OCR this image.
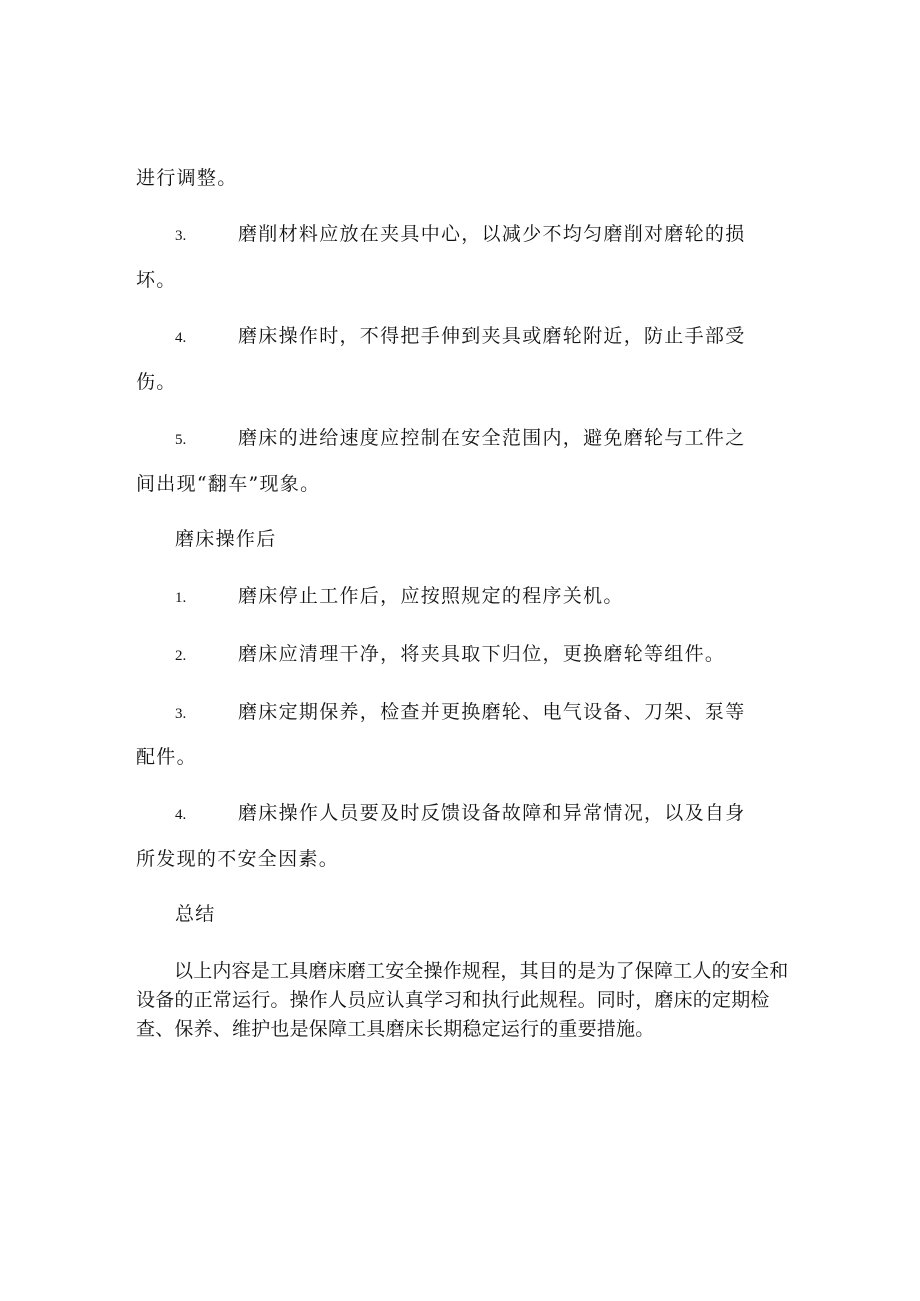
进行调整。
3.	磨削材料应放在夹具中心，以减少不均匀磨削对磨轮的损
坏。
4.	磨床操作时，不得把手伸到夹具或磨轮附近，防止手部受
伤。
5.	磨床的进给速度应控制在安全范围内，避免磨轮与工件之
间出现“翻车”现象。
磨床操作后
1.	磨床停止工作后，应按照规定的程序关机。
2.	磨床应清理干净，将夹具取下归位，更换磨轮等组件。
3.	磨床定期保养，检查并更换磨轮、电气设备、刀架、泵等
配件。
4.	磨床操作人员要及时反馈设备故障和异常情况，以及自身
所发现的不安全因素。
总结
以上内容是工具磨床磨工安全操作规程，其目的是为了保障工人的安全和设备的正常运行。操作人员应认真学习和执行此规程。同时，磨床的定期检查、保养、维护也是保障工具磨床长期稳定运行的重要措施。
